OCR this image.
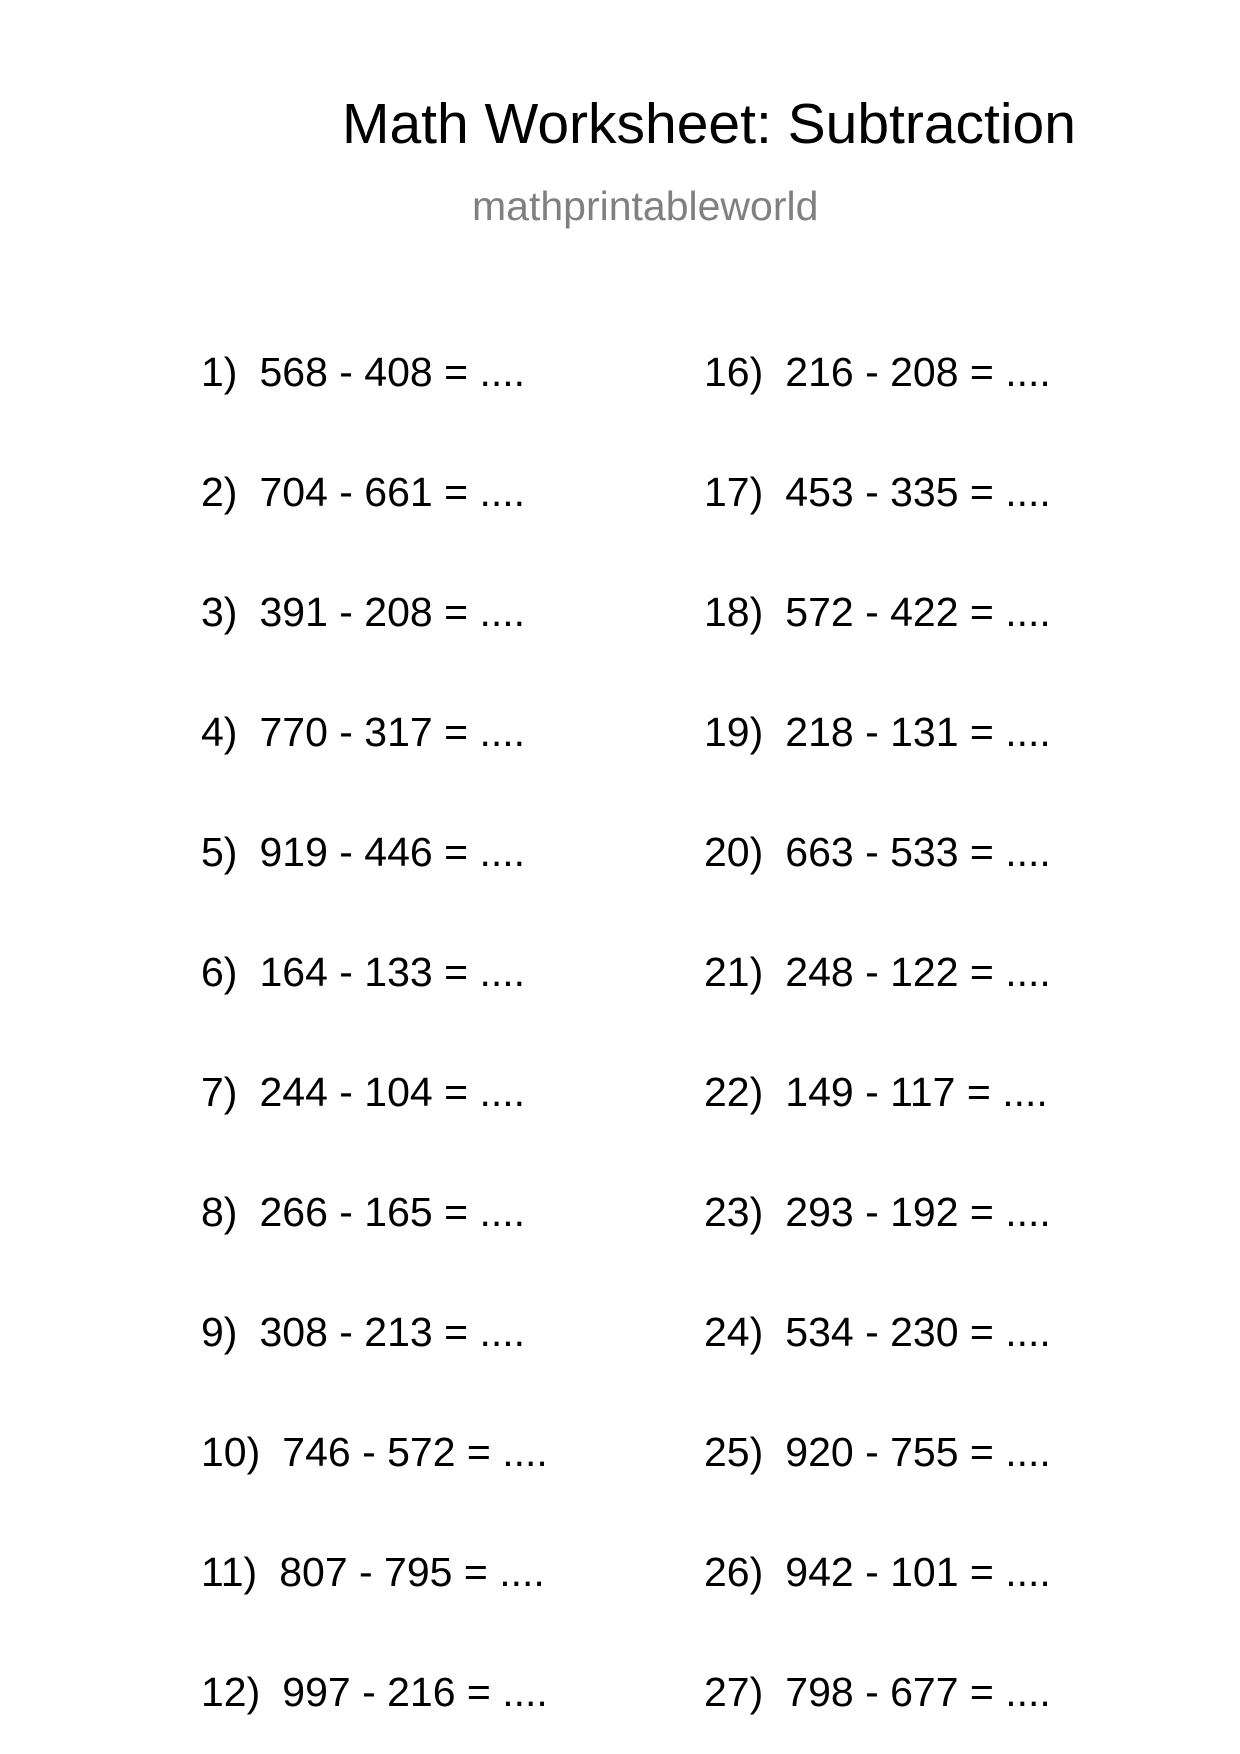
Math Worksheet: Subtraction
mathprintableworld
1) 568 - 408 = ....
2) 704 - 661 = ....
3) 391 - 208 = ....
4) 770 - 317 = ....
5) 919 - 446 = ....
6) 164 - 133 = ....
7) 244 - 104 = ....
8) 266 - 165 = ....
9) 308 - 213 = ....
10) 746 - 572 = ....
11) 807 - 795 = ....
12) 997 - 216 = ....
16) 216 - 208 = ....
17) 453 - 335 = ....
18) 572 - 422 = ....
19) 218 - 131 = ....
20) 663 - 533 = ....
21) 248 - 122 = ....
22) 149 - 117 = ....
23) 293 - 192 = ....
24) 534 - 230 = ....
25) 920 - 755 = ....
26) 942 - 101 = ....
27) 798 - 677 = ....
